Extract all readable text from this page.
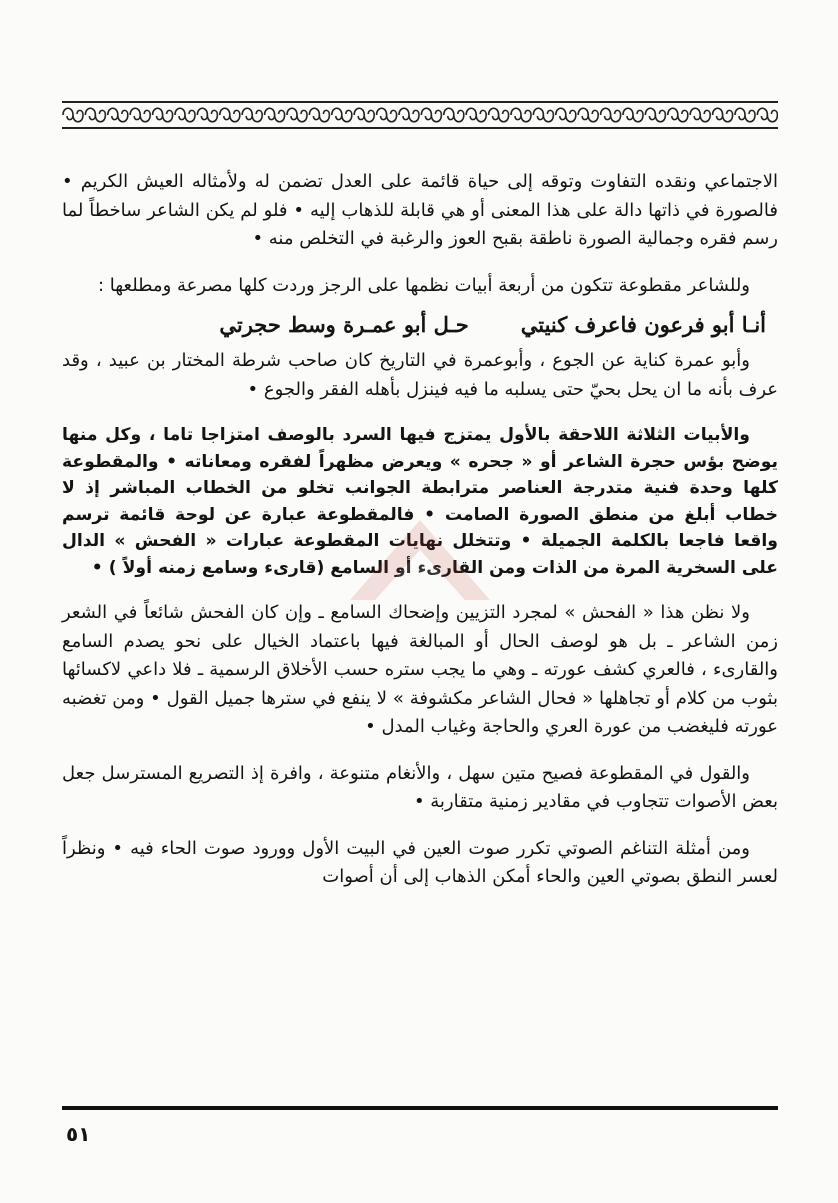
الاجتماعي ونقده التفاوت وتوقه إلى حياة قائمة على العدل تضمن له ولأمثاله العيش الكريم • فالصورة في ذاتها دالة على هذا المعنى أو هي قابلة للذهاب إليه • فلو لم يكن الشاعر ساخطاً لما رسم فقره وجمالية الصورة ناطقة بقبح العوز والرغبة في التخلص منه •

وللشاعر مقطوعة تتكون من أربعة أبيات نظمها على الرجز وردت كلها مصرعة ومطلعها :

أنـا أبو فرعون فاعرف كنيتي
حـل أبو عمـرة وسط حجرتي

وأبو عمرة كناية عن الجوع ، وأبوعمرة في التاريخ كان صاحب شرطة المختار بن عبيد ، وقد عرف بأنه ما ان يحل بحيّ حتى يسلبه ما فيه فينزل بأهله الفقر والجوع •

والأبيات الثلاثة اللاحقة بالأول يمتزج فيها السرد بالوصف امتزاجا تاما ، وكل منها يوضح بؤس حجرة الشاعر أو « جحره » ويعرض مظهراً لفقره ومعاناته • والمقطوعة كلها وحدة فنية متدرجة العناصر مترابطة الجوانب تخلو من الخطاب المباشر إذ لا خطاب أبلغ من منطق الصورة الصامت • فالمقطوعة عبارة عن لوحة قائمة ترسم واقعا فاجعا بالكلمة الجميلة • وتتخلل نهايات المقطوعة عبارات « الفحش » الدال على السخرية المرة من الذات ومن القارىء أو السامع (قارىء وسامع زمنه أولاً ) •

ولا نظن هذا « الفحش » لمجرد التزيين وإضحاك السامع ـ وإن كان الفحش شائعاً في الشعر زمن الشاعر ـ بل هو لوصف الحال أو المبالغة فيها باعتماد الخيال على نحو يصدم السامع والقارىء ، فالعري كشف عورته ـ وهي ما يجب ستره حسب الأخلاق الرسمية ـ فلا داعي لاكسائها بثوب من كلام أو تجاهلها « فحال الشاعر مكشوفة » لا ينفع في سترها جميل القول • ومن تغضبه عورته فليغضب من عورة العري والحاجة وغياب المدل •

والقول في المقطوعة فصيح متين سهل ، والأنغام متنوعة ، وافرة إذ التصريع المسترسل جعل بعض الأصوات تتجاوب في مقادير زمنية متقاربة •

ومن أمثلة التناغم الصوتي تكرر صوت العين في البيت الأول وورود صوت الحاء فيه • ونظراً لعسر النطق بصوتي العين والحاء أمكن الذهاب إلى أن أصوات

٥١
